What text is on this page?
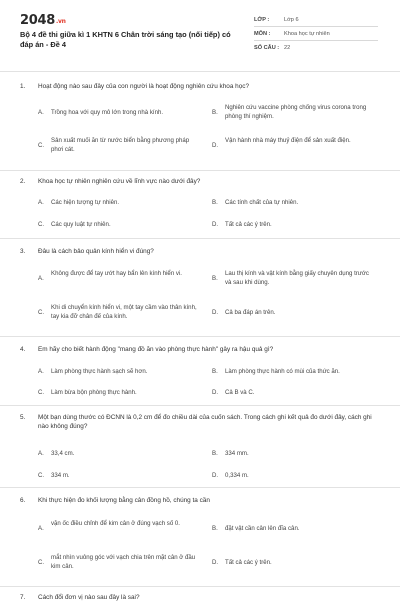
2048.vn
Bộ 4 đề thi giữa kì 1 KHTN 6 Chân trời sáng tạo (nối tiếp) có đáp án - Đề 4
LỚP :	Lớp 6
MÔN : Khoa học tự nhiên
SỐ CÂU : 22
1. Hoạt động nào sau đây của con người là hoạt động nghiên cứu khoa học?
A. Trồng hoa với quy mô lớn trong nhà kính.	B.
Nghiên cứu vaccine phòng chống virus corona trong phòng thí nghiệm.
C.
Sản xuất muối ăn từ nước biển bằng phương pháp phơi cát.
D.
Vận hành nhà máy thuỷ điện để sản xuất điện.
2. Khoa học tự nhiên nghiên cứu về lĩnh vực nào dưới đây?
A. Các hiện tượng tự nhiên.	B. Các tính chất của tự nhiên.
C. Các quy luật tự nhiên.	D. Tất cả các ý trên.
3. Đâu là cách bảo quản kính hiển vi đúng?
A.
Không được để tay ướt hay bẩn lên kính hiển vi.
B.
Lau thị kính và vật kính bằng giấy chuyên dụng trước và sau khi dùng.
C.
Khi di chuyển kính hiển vi, một tay cầm vào thân kính, tay kia đỡ chân đế của kính.
D. Cả ba đáp án trên.
4. Em hãy cho biết hành động "mang đồ ăn vào phòng thực hành" gây ra hậu quả gì?
A. Làm phòng thực hành sạch sẽ hơn.	B. Làm phòng thực hành có mùi của thức ăn.
C. Làm bừa bộn phòng thực hành.	D. Cả B và C.
5. Một bạn dùng thước có ĐCNN là 0,2 cm để đo chiều dài của cuốn sách. Trong cách ghi kết quả đo dưới đây, cách ghi nào không đúng?
A. 33,4 cm.	B. 334 mm.
C. 334 m.	D. 0,334 m.
6. Khi thực hiện đo khối lượng bằng cân đồng hồ, chúng ta cần
A.
vặn ốc điều chỉnh để kim cân ở đúng vạch số 0.
B. đặt vật cần cân lên đĩa cân.
C.
mắt nhìn vuông góc với vạch chia trên mặt cân ở đầu kim cân.
D. Tất cả các ý trên.
7. Cách đổi đơn vị nào sau đây là sai?
